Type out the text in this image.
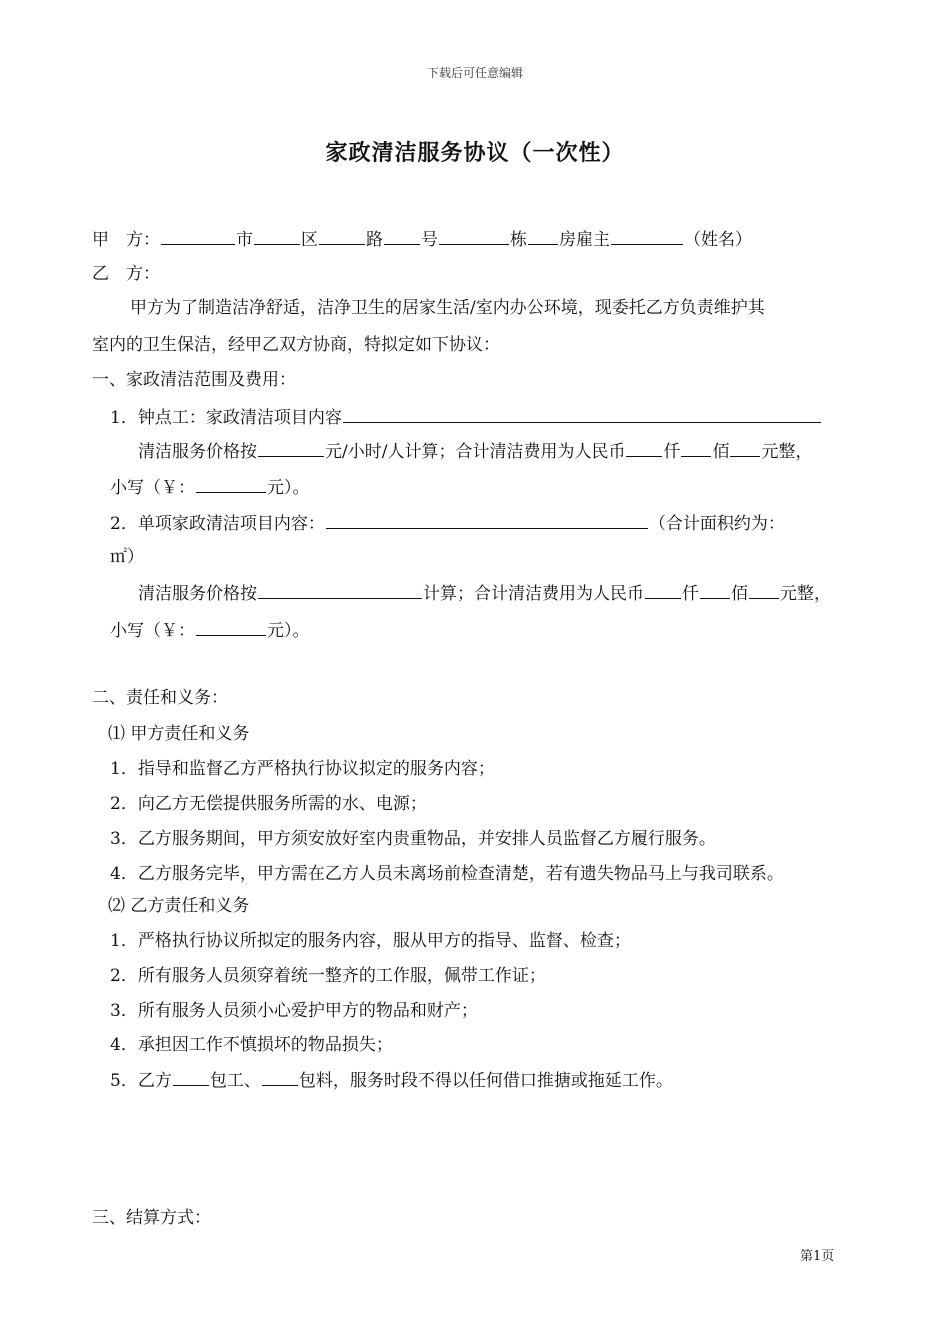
下载后可任意编辑
家政清洁服务协议（一次性）
甲　方：	市	区	路 号	栋 房雇主	（姓名）
乙　方：
甲方为了制造洁净舒适，洁净卫生的居家生活/室内办公环境，现委托乙方负责维护其
室内的卫生保洁，经甲乙双方协商，特拟定如下协议：
一、家政清洁范围及费用：
1．钟点工：家政清洁项目内容
清洁服务价格按	元/小时/人计算；合计清洁费用为人民币 仟 佰 元整，
小写（￥：	元）。
2．单项家政清洁项目内容：	（合计面积约为：
㎡）
清洁服务价格按	计算；合计清洁费用为人民币 仟 佰 元整，
小写（￥：	元）。
二、责任和义务：
⑴ 甲方责任和义务
1．指导和监督乙方严格执行协议拟定的服务内容；
2．向乙方无偿提供服务所需的水、电源；
3．乙方服务期间，甲方须安放好室内贵重物品，并安排人员监督乙方履行服务。
4．乙方服务完毕，甲方需在乙方人员未离场前检查清楚，若有遗失物品马上与我司联系。
⑵ 乙方责任和义务
1．严格执行协议所拟定的服务内容，服从甲方的指导、监督、检查；
2．所有服务人员须穿着统一整齐的工作服，佩带工作证；
3．所有服务人员须小心爱护甲方的物品和财产；
4．承担因工作不慎损坏的物品损失；
5．乙方 包工、 包料，服务时段不得以任何借口推搪或拖延工作。
三、结算方式：
第1页
